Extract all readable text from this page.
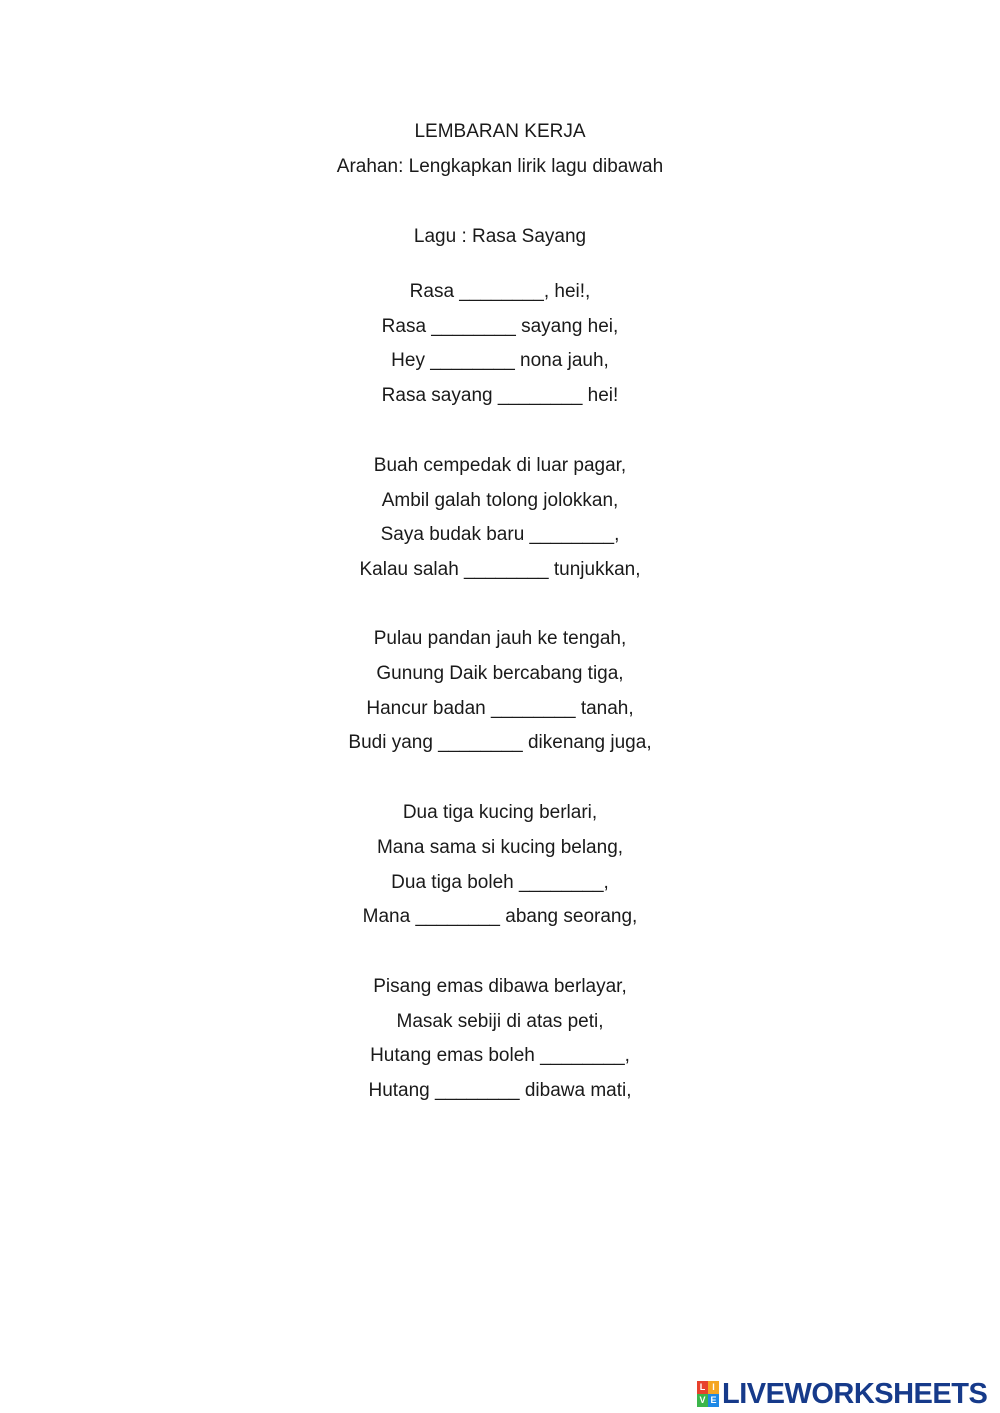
LEMBARAN KERJA
Arahan: Lengkapkan lirik lagu dibawah
Lagu : Rasa Sayang
Rasa ________, hei!,
Rasa ________ sayang hei,
Hey ________ nona jauh,
Rasa sayang ________ hei!
Buah cempedak di luar pagar,
Ambil galah tolong jolokkan,
Saya budak baru ________,
Kalau salah ________ tunjukkan,
Pulau pandan jauh ke tengah,
Gunung Daik bercabang tiga,
Hancur badan ________ tanah,
Budi yang ________ dikenang juga,
Dua tiga kucing berlari,
Mana sama si kucing belang,
Dua tiga boleh ________,
Mana ________ abang seorang,
Pisang emas dibawa berlayar,
Masak sebiji di atas peti,
Hutang emas boleh ________,
Hutang ________ dibawa mati,
L I
V E LIVEWORKSHEETS
